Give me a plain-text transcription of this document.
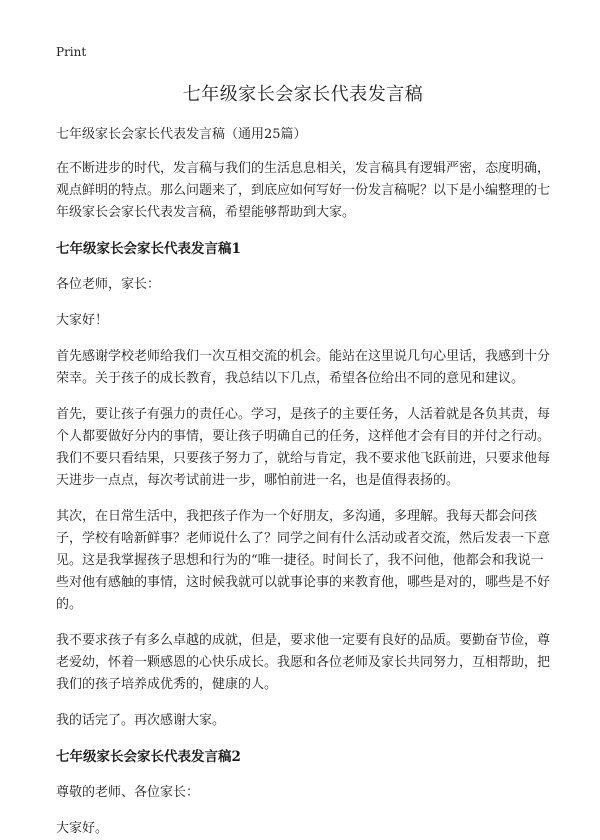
Print
七年级家长会家长代表发言稿

七年级家长会家长代表发言稿（通用25篇）

在不断进步的时代，发言稿与我们的生活息息相关，发言稿具有逻辑严密，态度明确，观点鲜明的特点。那么问题来了，到底应如何写好一份发言稿呢？以下是小编整理的七年级家长会家长代表发言稿，希望能够帮助到大家。

七年级家长会家长代表发言稿1

各位老师，家长：

大家好！

首先感谢学校老师给我们一次互相交流的机会。能站在这里说几句心里话，我感到十分荣幸。关于孩子的成长教育，我总结以下几点，希望各位给出不同的意见和建议。

首先，要让孩子有强力的责任心。学习，是孩子的主要任务，人活着就是各负其责，每个人都要做好分内的事情，要让孩子明确自己的任务，这样他才会有目的并付之行动。我们不要只看结果，只要孩子努力了，就给与肯定，我不要求他飞跃前进，只要求他每天进步一点点，每次考试前进一步，哪怕前进一名，也是值得表扬的。

其次，在日常生活中，我把孩子作为一个好朋友，多沟通，多理解。我每天都会问孩子，学校有啥新鲜事？老师说什么了？同学之间有什么活动或者交流，然后发表一下意见。这是我掌握孩子思想和行为的“唯一捷径。时间长了，我不问他，他都会和我说一些对他有感触的事情，这时候我就可以就事论事的来教育他，哪些是对的，哪些是不好的。

我不要求孩子有多么卓越的成就，但是，要求他一定要有良好的品质。要勤奋节俭，尊老爱幼，怀着一颗感恩的心快乐成长。我愿和各位老师及家长共同努力，互相帮助，把我们的孩子培养成优秀的，健康的人。

我的话完了。再次感谢大家。

七年级家长会家长代表发言稿2

尊敬的老师、各位家长：

大家好。
